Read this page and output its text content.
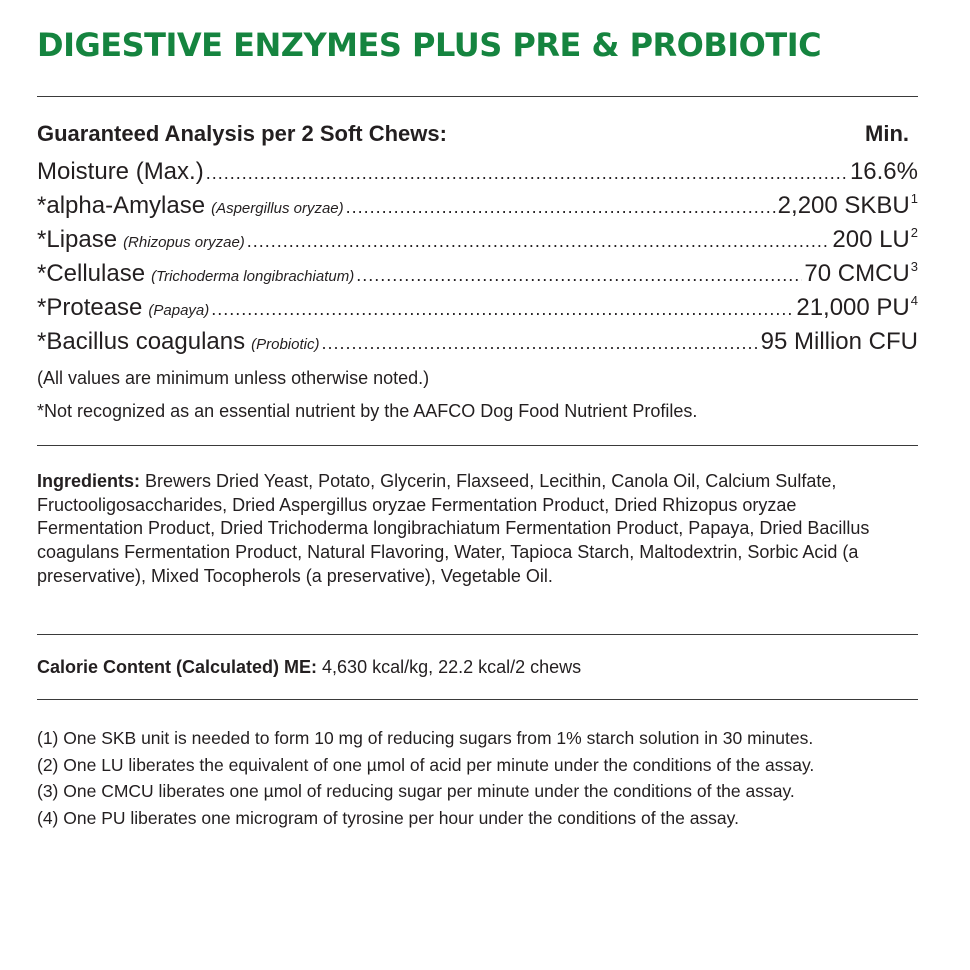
DIGESTIVE ENZYMES PLUS PRE & PROBIOTIC
Guaranteed Analysis per 2 Soft Chews:	Min.
Moisture (Max.) .....	16.6%
*alpha-Amylase (Aspergillus oryzae) .....	2,200 SKBU$^1$
*Lipase (Rhizopus oryzae) .....	200 $LU^2$
*Cellulase (Trichoderma longibrachiatum) .....	70 CMCU$^3$
*Protease (Papaya) .....	21,000 $PU^4$
*Bacillus coagulans (Probiotic) .....	95 Million CFU
(All values are minimum unless otherwise noted.)
*Not recognized as an essential nutrient by the AAFCO Dog Food Nutrient Profiles.
Ingredients: Brewers Dried Yeast, Potato, Glycerin, Flaxseed, Lecithin, Canola Oil, Calcium Sulfate, Fructooligosaccharides, Dried Aspergillus oryzae Fermentation Product, Dried Rhizopus oryzae Fermentation Product, Dried Trichoderma longibrachiatum Fermentation Product, Papaya, Dried Bacillus coagulans Fermentation Product, Natural Flavoring, Water, Tapioca Starch, Maltodextrin, Sorbic Acid (a preservative), Mixed Tocopherols (a preservative), Vegetable Oil.
Calorie Content (Calculated) ME: 4,630 kcal/kg, 22.2 kcal/2 chews
(1) One SKB unit is needed to form 10 mg of reducing sugars from 1% starch solution in 30 minutes.
(2) One LU liberates the equivalent of one µmol of acid per minute under the conditions of the assay.
(3) One CMCU liberates one µmol of reducing sugar per minute under the conditions of the assay.
(4) One PU liberates one microgram of tyrosine per hour under the conditions of the assay.
